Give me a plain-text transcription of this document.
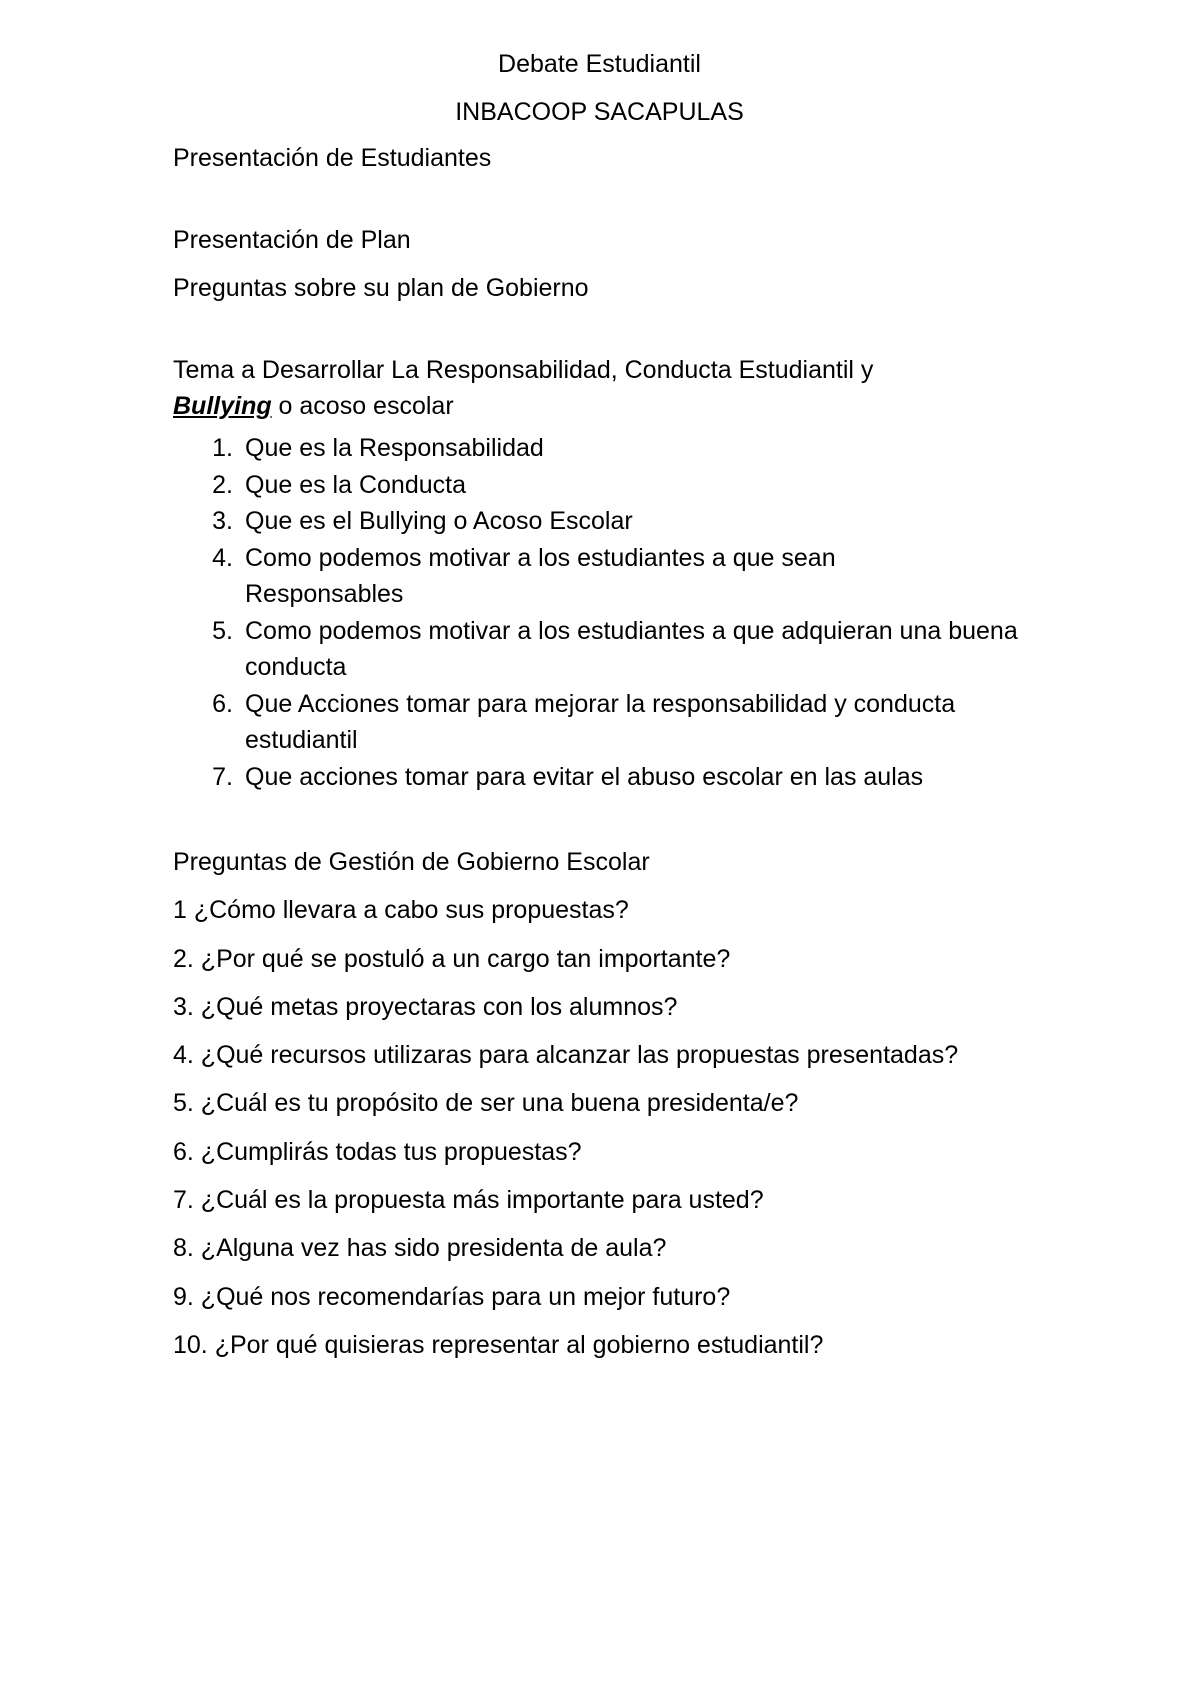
Debate Estudiantil

INBACOOP SACAPULAS

Presentación de Estudiantes

Presentación de Plan

Preguntas sobre su plan de Gobierno

Tema a Desarrollar La Responsabilidad, Conducta Estudiantil y
Bullying o acoso escolar

1. Que es la Responsabilidad
2. Que es la Conducta
3. Que es el Bullying o Acoso Escolar
4. Como podemos motivar a los estudiantes a que sean Responsables
5. Como podemos motivar a los estudiantes a que adquieran una buena conducta
6. Que Acciones tomar para mejorar la responsabilidad y conducta estudiantil
7. Que acciones tomar para evitar el abuso escolar en las aulas

Preguntas de Gestión de Gobierno Escolar

1 ¿Cómo llevara a cabo sus propuestas?

2. ¿Por qué se postuló a un cargo tan importante?

3. ¿Qué metas proyectaras con los alumnos?

4. ¿Qué recursos utilizaras para alcanzar las propuestas presentadas?

5. ¿Cuál es tu propósito de ser una buena presidenta/e?

6. ¿Cumplirás todas tus propuestas?

7. ¿Cuál es la propuesta más importante para usted?

8. ¿Alguna vez has sido presidenta de aula?

9. ¿Qué nos recomendarías para un mejor futuro?

10. ¿Por qué quisieras representar al gobierno estudiantil?
